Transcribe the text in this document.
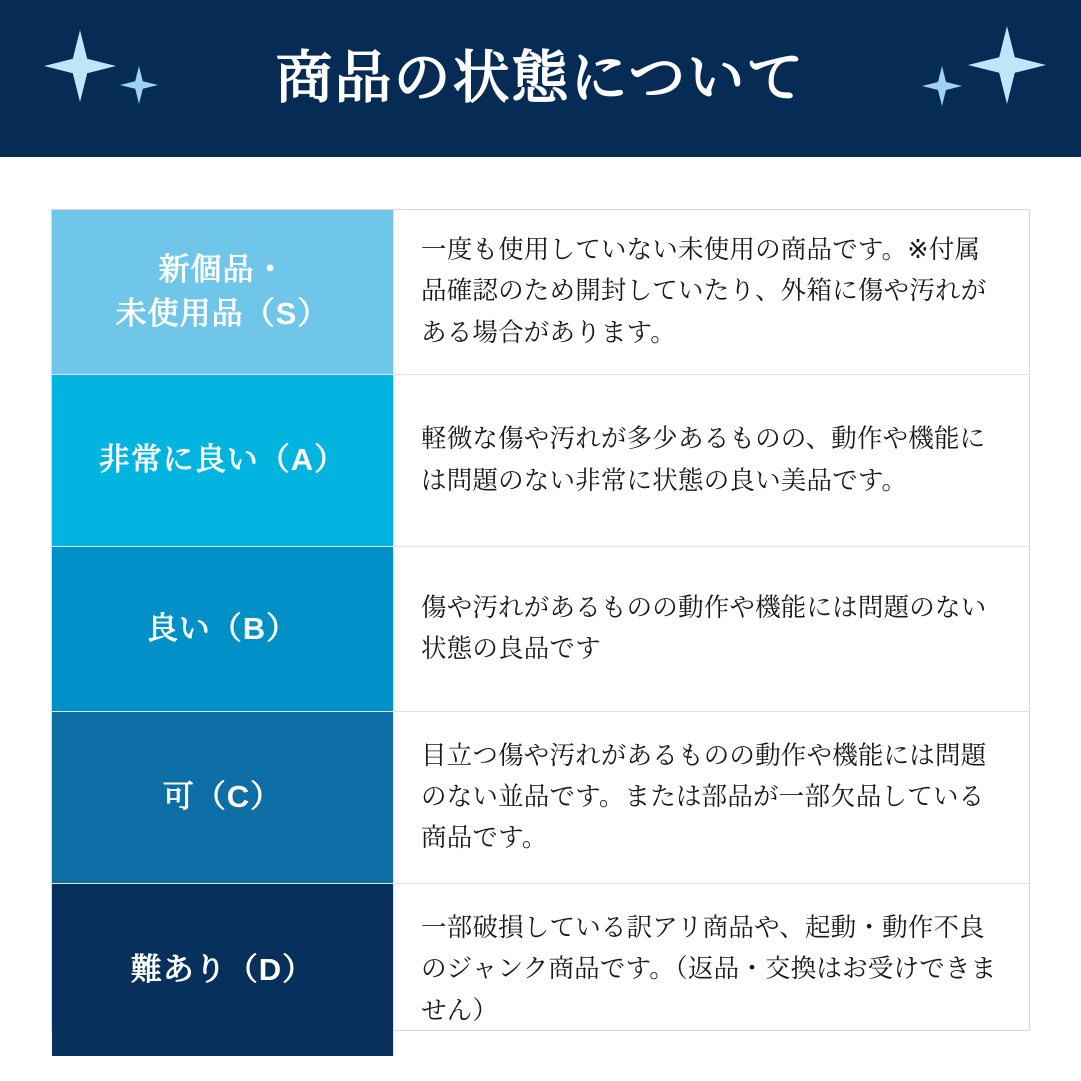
商品の状態について
新個品・
未使用品（S）
一度も使用していない未使用の商品です。※付属品確認のため開封していたり、外箱に傷や汚れがある場合があります。
非常に良い（A）
軽微な傷や汚れが多少あるものの、動作や機能には問題のない非常に状態の良い美品です。
良い（B）
傷や汚れがあるものの動作や機能には問題のない状態の良品です
可（C）
目立つ傷や汚れがあるものの動作や機能には問題のない並品です。または部品が一部欠品している商品です。
難あり（D）
一部破損している訳アリ商品や、起動・動作不良のジャンク商品です。（返品・交換はお受けできません）
